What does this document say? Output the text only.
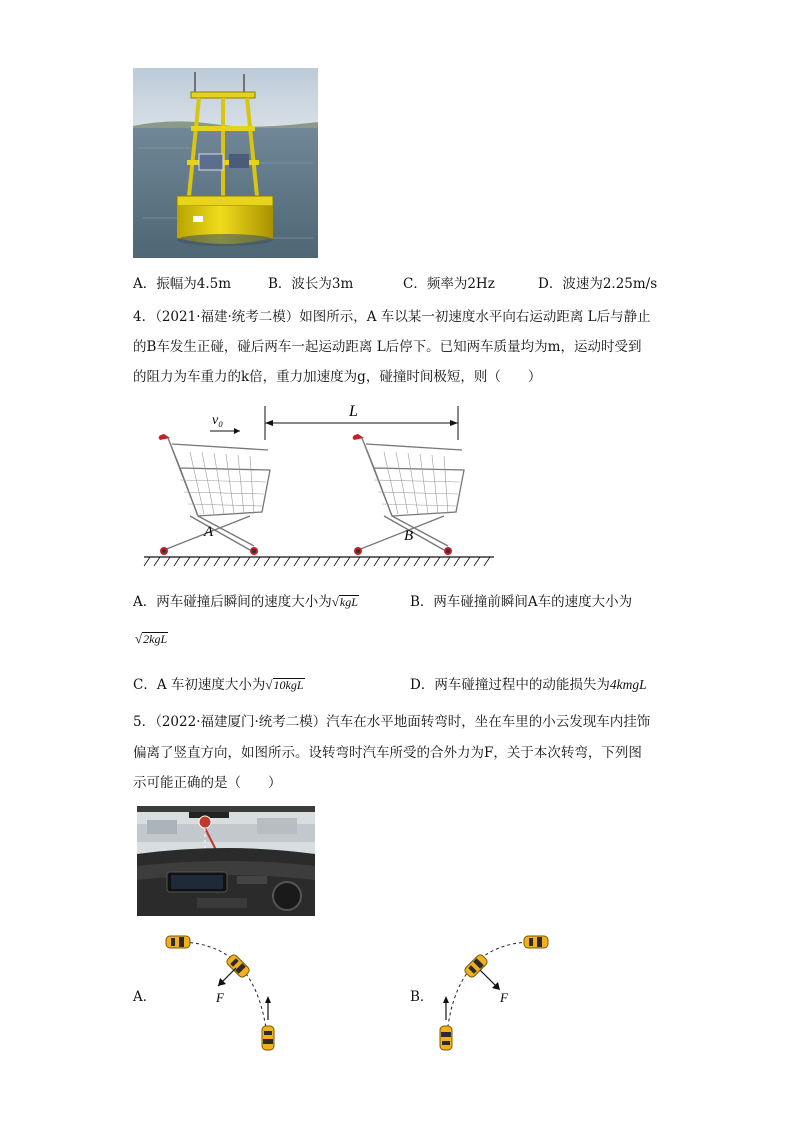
A．振幅为4.5m	B．波长为3m	C．频率为2Hz	D．波速为2.25m/s
4．（2021·福建·统考二模）如图所示，A 车以某一初速度水平向右运动距离 L后与静止
的B车发生正碰，碰后两车一起运动距离 L后停下。已知两车质量均为m，运动时受到
的阻力为车重力的k倍，重力加速度为g，碰撞时间极短，则（　　）
v₀
L
A	B
A．两车碰撞后瞬间的速度大小为√kgL	B．两车碰撞前瞬间A车的速度大小为
√2kgL
C．A 车初速度大小为√10kgL	D．两车碰撞过程中的动能损失为4kmgL
5．（2022·福建厦门·统考二模）汽车在水平地面转弯时，坐在车里的小云发现车内挂饰
偏离了竖直方向，如图所示。设转弯时汽车所受的合外力为F，关于本次转弯，下列图
示可能正确的是（　　）
F
A．	F
B．
